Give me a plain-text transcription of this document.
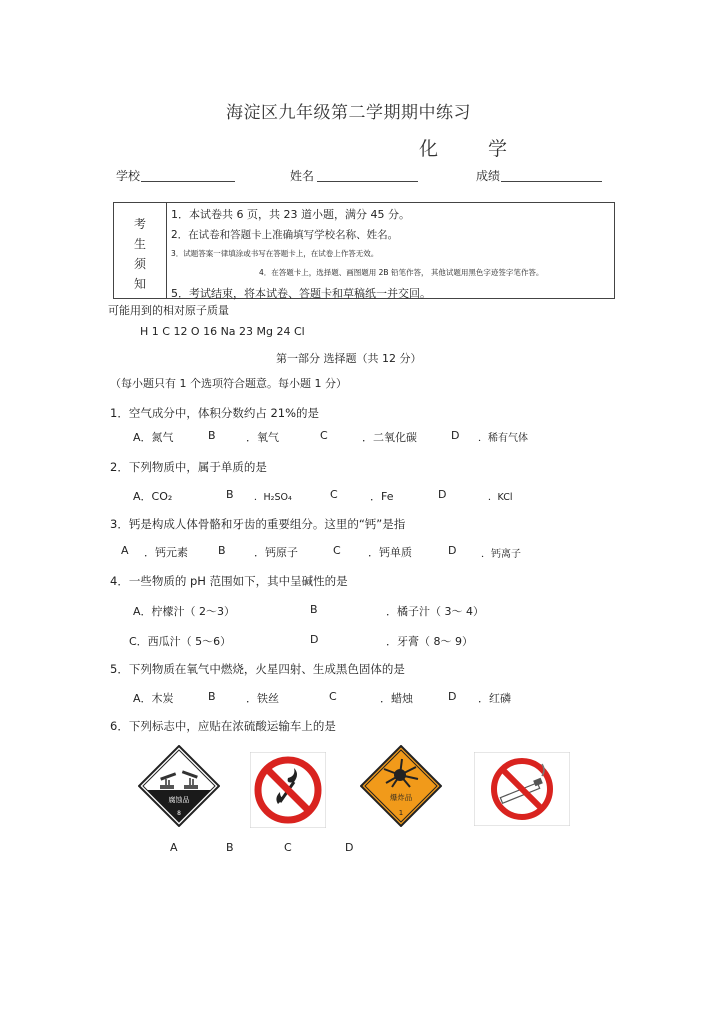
海淀区九年级第二学期期中练习
化 学
学校	姓名	成绩
考
生
须
知
1．本试卷共 6 页，共 23 道小题，满分 45 分。
2．在试卷和答题卡上准确填写学校名称、姓名。
3．试题答案一律填涂或书写在答题卡上，在试卷上作答无效。
4．在答题卡上，选择题、画图题用 2B 铅笔作答， 其他试题用黑色字迹签字笔作答。
5．考试结束，将本试卷、答题卡和草稿纸一并交回。
可能用到的相对原子质量
H 1 C 12 O 16 Na 23 Mg 24 Cl
第一部分 选择题（共 12 分）
（每小题只有 1 个选项符合题意。每小题 1 分）
1．空气成分中，体积分数约占 21%的是
A．氮气	B	．氧气	C	．二氧化碳	D ．稀有气体
2．下列物质中，属于单质的是
A．CO₂	B ．H₂SO₄	C	．Fe	D	．KCl
3．钙是构成人体骨骼和牙齿的重要组分。这里的“钙”是指
A ．钙元素	B	．钙原子	C ．钙单质	D ．钙离子
4．一些物质的 pH 范围如下，其中呈碱性的是
A．柠檬汁（ 2～3）	B	．橘子汁（ 3～ 4）
C．西瓜汁（ 5～6）	D	．牙膏（ 8～ 9）
5．下列物质在氧气中燃烧，火星四射、生成黑色固体的是
A．木炭	B	．铁丝	C	．蜡烛	D ．红磷
6．下列标志中，应贴在浓硫酸运输车上的是
腐蚀品
8
爆炸品
1
A	B	C	D
